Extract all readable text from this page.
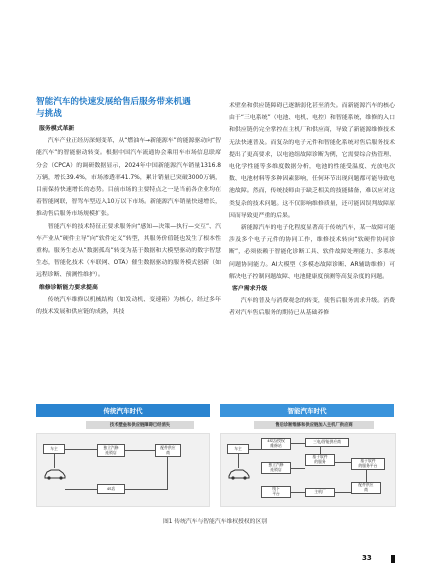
智能汽车的快速发展给售后服务带来机遇
与挑战
服务模式革新

汽车产业正经历深刻变革，从“燃油车→新能源车”的能源驱动向“智能汽车”的智能驱动转变。根据中国汽车流通协会乘用车市场信息联席分会（CPCA）的调研数据显示，2024年中国新能源汽车销量1316.8万辆，增长39.4%，市场渗透率41.7%，累计销量已突破3000万辆，目前保持快速增长的态势。目前市场的主要特点之一是当前各企业均在着智能网联，智驾车型迈入10万以下市场。新能源汽车销量快速增长，推动售后服务市场规模扩张。

智能汽车的技术特征正要求服务向“感知—决策—执行—交互”、汽车产业从“硬件主导”向“软件定义”转型，其服务价值链也发生了根本性重构。服务生态从“数据孤岛”转变为基于数据和大模型驱动的数字智慧生态，智能化技术（车联网、OTA）催生数据驱动的服务模式创新（如远程诊断、预测性维护）。

维修诊断能力要求提高

传统汽车维修以机械结构（如发动机、变速箱）为核心，经过多年的技术发展和供应链的成熟，其技

术壁垒和供应链障碍已逐渐弱化甚至消失。而新能源汽车的核心由于“三电系统”（电池、电机、电控）和智能系统，维修的入口和供应链仍完全掌控在主机厂和供应商，导致了新能源维修技术无法快速普及。而复杂的电子元件和智能化系统对售后服务技术提出了更高要求，以电池组故障诊断为例，它需要综合热管理、电化学性能等多维度数据分析，电池的性能受温度、充放电次数、电池材料等多种因素影响，任何环节出现问题都可能导致电池故障。然而，传统技师由于缺乏相关的技能储备，难以应对这类复杂的技术问题。这不仅影响维修质量，还可能因误判故障原因而导致更严重的后果。

新能源汽车的电子化程度显著高于传统汽车，某一故障可能涉及多个电子元件的协同工作，维修技术转向“软硬件协同诊断”，必须依赖于智能化诊断工具、软件故障处理能力、多系统问题协同能力。AI大模型（多模态故障诊断、AR辅助维修）可解决电子控制问题故障、电池健康度预测等高复杂度的问题。

客户需求升级

汽车的普及与消费观念的转变，使售后服务需求升级。消费者对汽车售后服务的期待已从基础养修

传统汽车时代	智能汽车时代
技术壁垒和供应链障碍已经消失	售后诊断维修和供应链加入主机厂供应商
车主	独立汽修
连锁店
配件供应
商
4S店
车主
4S店/授权
维修站
三电/智能供应商
独立汽修
连锁店
基于软件
的服务	基于软件
的服务平台
线下
平台
配件供应
商
主机厂
图1 传统汽车与智能汽车维权授权的区别
33
